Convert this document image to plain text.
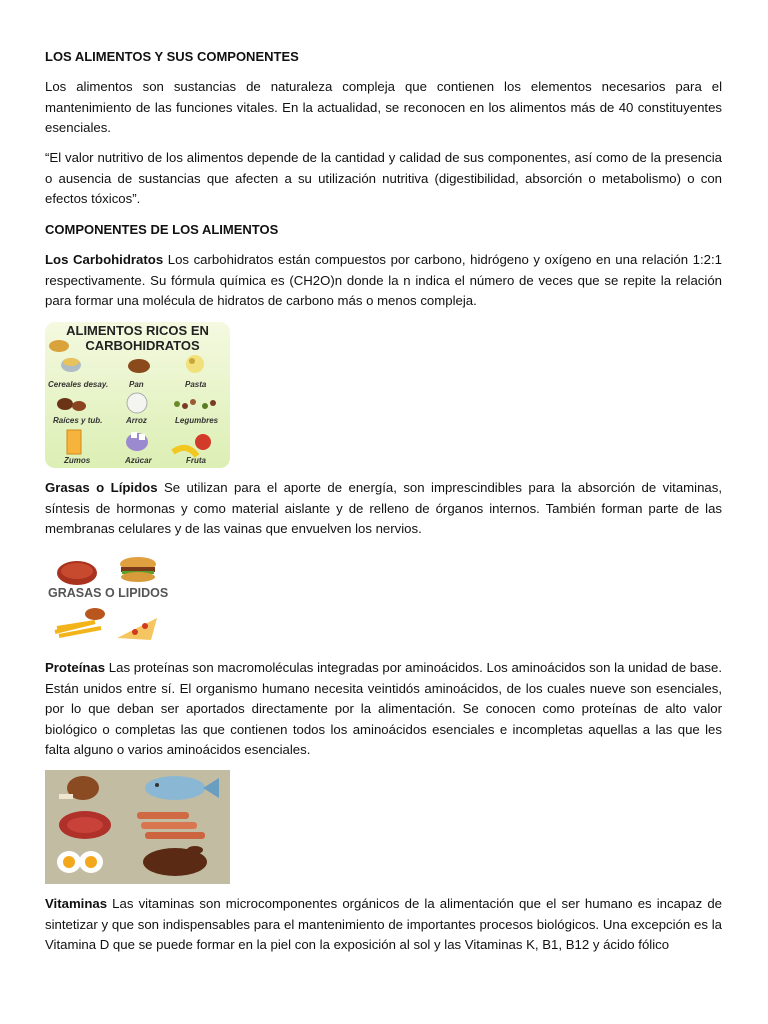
LOS ALIMENTOS Y SUS COMPONENTES

Los alimentos son sustancias de naturaleza compleja que contienen los elementos necesarios para el mantenimiento de las funciones vitales. En la actualidad, se reconocen en los alimentos más de 40 constituyentes esenciales.

“El valor nutritivo de los alimentos depende de la cantidad y calidad de sus componentes, así como de la presencia o ausencia de sustancias que afecten a su utilización nutritiva (digestibilidad, absorción o metabolismo) o con efectos tóxicos”.

COMPONENTES DE LOS ALIMENTOS

Los Carbohidratos Los carbohidratos están compuestos por carbono, hidrógeno y oxígeno en una relación 1:2:1 respectivamente. Su fórmula química es (CH2O)n donde la n indica el número de veces que se repite la relación para formar una molécula de hidratos de carbono más o menos compleja.

ALIMENTOS RICOS EN
CARBOHIDRATOS
Cereales desay.	Pan	Pasta
Raíces y tub.	Arroz	Legumbres
Zumos	Azúcar	Fruta

Grasas o Lípidos Se utilizan para el aporte de energía, son imprescindibles para la absorción de vitaminas, síntesis de hormonas y como material aislante y de relleno de órganos internos. También forman parte de las membranas celulares y de las vainas que envuelven los nervios.

GRASAS O LIPIDOS

Proteínas Las proteínas son macromoléculas integradas por aminoácidos. Los aminoácidos son la unidad de base. Están unidos entre sí. El organismo humano necesita veintidós aminoácidos, de los cuales nueve son esenciales, por lo que deban ser aportados directamente por la alimentación. Se conocen como proteínas de alto valor biológico o completas las que contienen todos los aminoácidos esenciales e incompletas aquellas a las que les falta alguno o varios aminoácidos esenciales.

Vitaminas Las vitaminas son microcomponentes orgánicos de la alimentación que el ser humano es incapaz de sintetizar y que son indispensables para el mantenimiento de importantes procesos biológicos. Una excepción es la Vitamina D que se puede formar en la piel con la exposición al sol y las Vitaminas K, B1, B12 y ácido fólico
